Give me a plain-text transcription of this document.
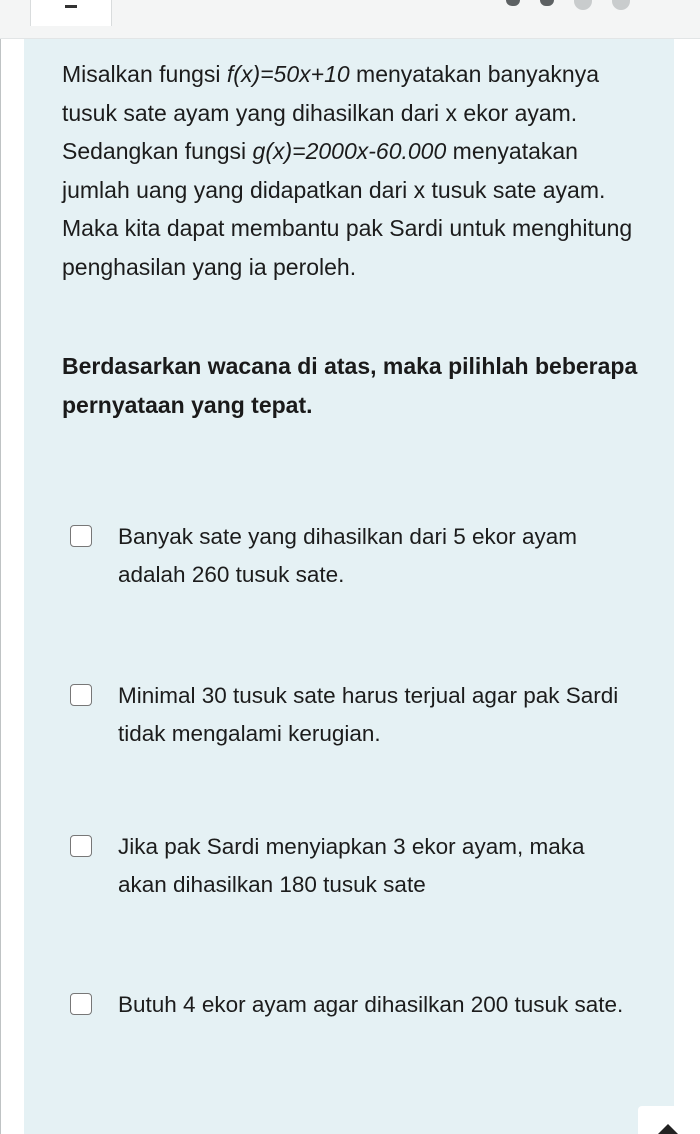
Misalkan fungsi f(x)=50x+10 menyatakan banyaknya tusuk sate ayam yang dihasilkan dari x ekor ayam. Sedangkan fungsi g(x)=2000x-60.000 menyatakan jumlah uang yang didapatkan dari x tusuk sate ayam. Maka kita dapat membantu pak Sardi untuk menghitung penghasilan yang ia peroleh.

Berdasarkan wacana di atas, maka pilihlah beberapa pernyataan yang tepat.

Banyak sate yang dihasilkan dari 5 ekor ayam adalah 260 tusuk sate.
Minimal 30 tusuk sate harus terjual agar pak Sardi tidak mengalami kerugian.
Jika pak Sardi menyiapkan 3 ekor ayam, maka akan dihasilkan 180 tusuk sate
Butuh 4 ekor ayam agar dihasilkan 200 tusuk sate.
